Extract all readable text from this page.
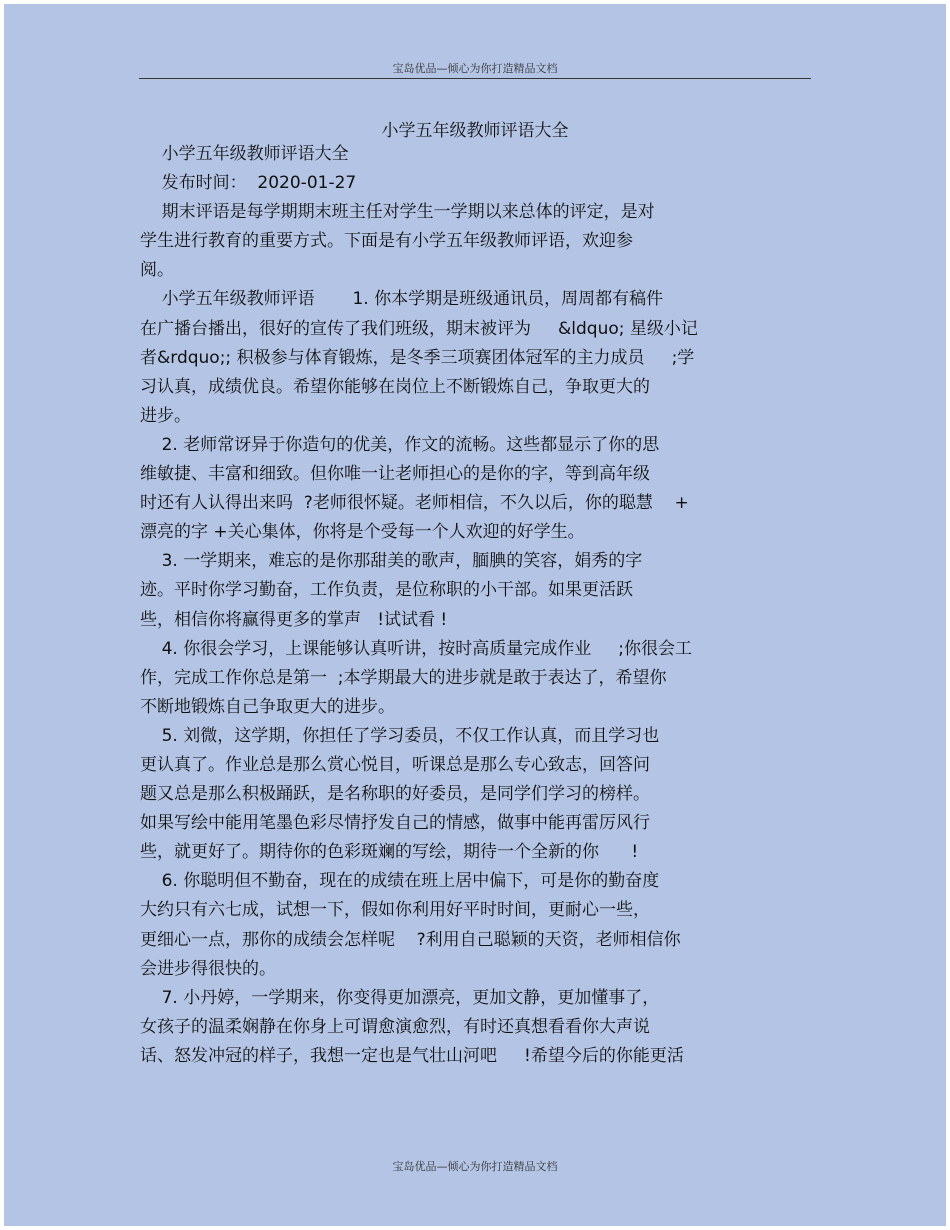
宝岛优品—倾心为你打造精品文档
小学五年级教师评语大全
小学五年级教师评语大全
发布时间：  2020-01-27
期末评语是每学期期末班主任对学生一学期以来总体的评定，是对
学生进行教育的重要方式。下面是有小学五年级教师评语，欢迎参
阅。
小学五年级教师评语       1. 你本学期是班级通讯员，周周都有稿件
在广播台播出，很好的宣传了我们班级，期末被评为     &ldquo; 星级小记
者&rdquo;; 积极参与体育锻炼，是冬季三项赛团体冠军的主力成员     ;学
习认真，成绩优良。希望你能够在岗位上不断锻炼自己，争取更大的
进步。
2. 老师常讶异于你造句的优美，作文的流畅。这些都显示了你的思
维敏捷、丰富和细致。但你唯一让老师担心的是你的字，等到高年级
时还有人认得出来吗  ?老师很怀疑。老师相信，不久以后，你的聪慧    +
漂亮的字 +关心集体，你将是个受每一个人欢迎的好学生。
3. 一学期来，难忘的是你那甜美的歌声，腼腆的笑容，娟秀的字
迹。平时你学习勤奋，工作负责，是位称职的小干部。如果更活跃
些，相信你将赢得更多的掌声   !试试看 !
4. 你很会学习，上课能够认真听讲，按时高质量完成作业     ;你很会工
作，完成工作你总是第一  ;本学期最大的进步就是敢于表达了，希望你
不断地锻炼自己争取更大的进步。
5. 刘微，这学期，你担任了学习委员，不仅工作认真，而且学习也
更认真了。作业总是那么赏心悦目，听课总是那么专心致志，回答问
题又总是那么积极踊跃，是名称职的好委员，是同学们学习的榜样。
如果写绘中能用笔墨色彩尽情抒发自己的情感，做事中能再雷厉风行
些，就更好了。期待你的色彩斑斓的写绘，期待一个全新的你      !
6. 你聪明但不勤奋，现在的成绩在班上居中偏下，可是你的勤奋度
大约只有六七成，试想一下，假如你利用好平时时间，更耐心一些，
更细心一点，那你的成绩会怎样呢    ?利用自己聪颖的天资，老师相信你
会进步得很快的。
7. 小丹婷，一学期来，你变得更加漂亮，更加文静，更加懂事了，
女孩子的温柔娴静在你身上可谓愈演愈烈，有时还真想看看你大声说
话、怒发冲冠的样子，我想一定也是气壮山河吧     !希望今后的你能更活
宝岛优品—倾心为你打造精品文档
